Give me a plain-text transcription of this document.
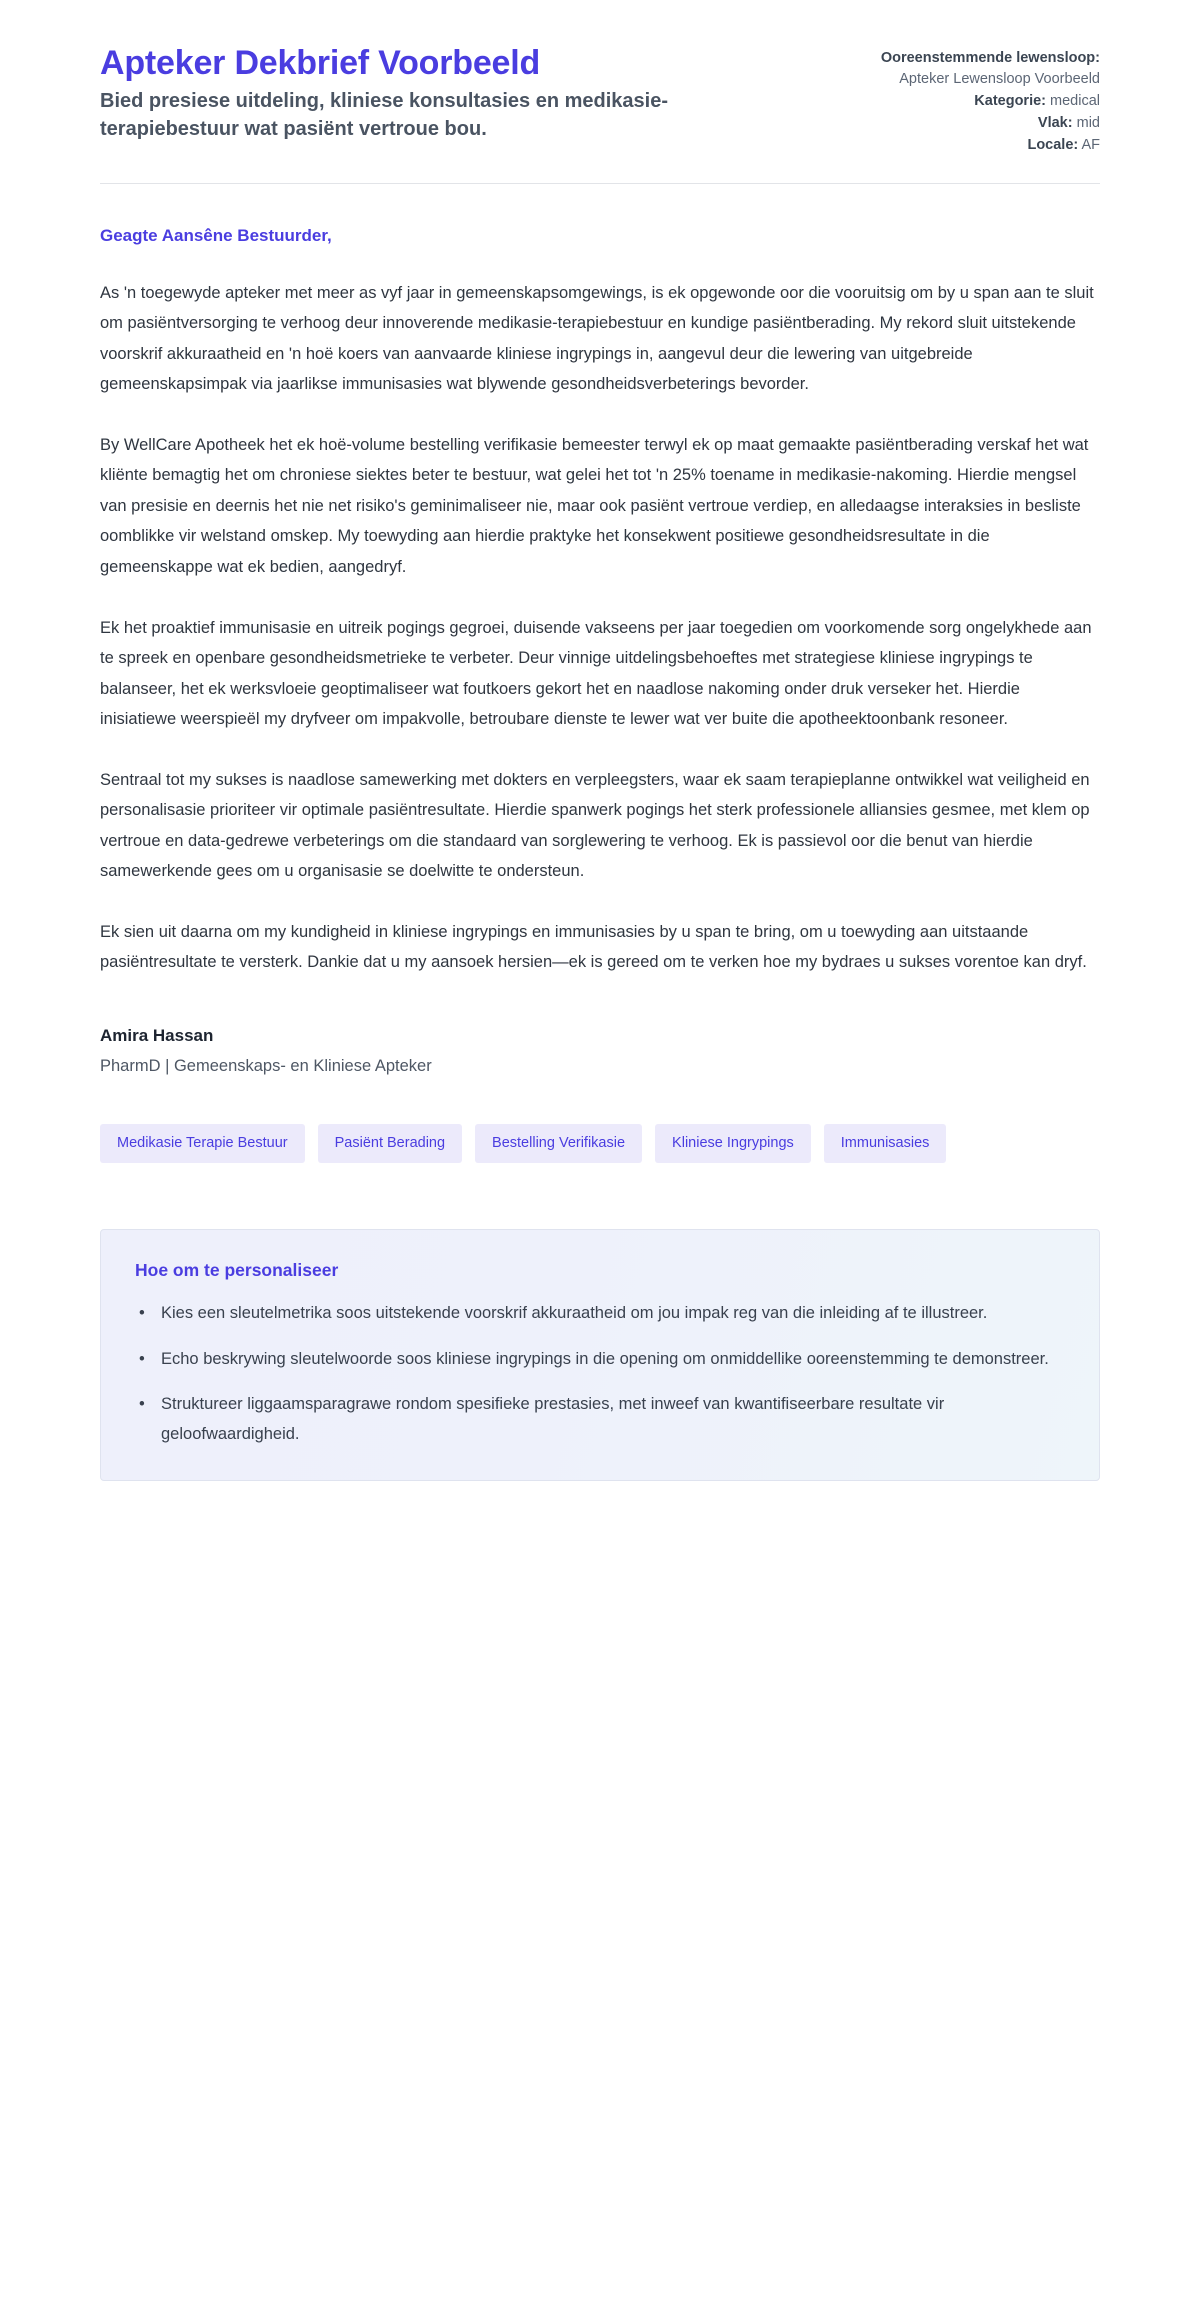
Apteker Dekbrief Voorbeeld

Bied presiese uitdeling, kliniese konsultasies en medikasie-terapiebestuur wat pasiënt vertroue bou.

Ooreenstemmende lewensloop: Apteker Lewensloop Voorbeeld
Kategorie: medical
Vlak: mid
Locale: AF

Geagte Aansêne Bestuurder,

As 'n toegewyde apteker met meer as vyf jaar in gemeenskapsomgewings, is ek opgewonde oor die vooruitsig om by u span aan te sluit om pasiëntversorging te verhoog deur innoverende medikasie-terapiebestuur en kundige pasiëntberading. My rekord sluit uitstekende voorskrif akkuraatheid en 'n hoë koers van aanvaarde kliniese ingrypings in, aangevul deur die lewering van uitgebreide gemeenskapsimpak via jaarlikse immunisasies wat blywende gesondheidsverbeterings bevorder.

By WellCare Apotheek het ek hoë-volume bestelling verifikasie bemeester terwyl ek op maat gemaakte pasiëntberading verskaf het wat kliënte bemagtig het om chroniese siektes beter te bestuur, wat gelei het tot 'n 25% toename in medikasie-nakoming. Hierdie mengsel van presisie en deernis het nie net risiko's geminimaliseer nie, maar ook pasiënt vertroue verdiep, en alledaagse interaksies in besliste oomblikke vir welstand omskep. My toewyding aan hierdie praktyke het konsekwent positiewe gesondheidsresultate in die gemeenskappe wat ek bedien, aangedryf.

Ek het proaktief immunisasie en uitreik pogings gegroei, duisende vakseens per jaar toegedien om voorkomende sorg ongelykhede aan te spreek en openbare gesondheidsmetrieke te verbeter. Deur vinnige uitdelingsbehoeftes met strategiese kliniese ingrypings te balanseer, het ek werksvloeie geoptimaliseer wat foutkoers gekort het en naadlose nakoming onder druk verseker het. Hierdie inisiatiewe weerspieël my dryfveer om impakvolle, betroubare dienste te lewer wat ver buite die apotheektoonbank resoneer.

Sentraal tot my sukses is naadlose samewerking met dokters en verpleegsters, waar ek saam terapieplanne ontwikkel wat veiligheid en personalisasie prioriteer vir optimale pasiëntresultate. Hierdie spanwerk pogings het sterk professionele alliansies gesmee, met klem op vertroue en data-gedrewe verbeterings om die standaard van sorglewering te verhoog. Ek is passievol oor die benut van hierdie samewerkende gees om u organisasie se doelwitte te ondersteun.

Ek sien uit daarna om my kundigheid in kliniese ingrypings en immunisasies by u span te bring, om u toewyding aan uitstaande pasiëntresultate te versterk. Dankie dat u my aansoek hersien—ek is gereed om te verken hoe my bydraes u sukses vorentoe kan dryf.

Amira Hassan

PharmD | Gemeenskaps- en Kliniese Apteker

Medikasie Terapie Bestuur	Pasiënt Berading	Bestelling Verifikasie	Kliniese Ingrypings	Immunisasies

Hoe om te personaliseer

• Kies een sleutelmetrika soos uitstekende voorskrif akkuraatheid om jou impak reg van die inleiding af te illustreer.
• Echo beskrywing sleutelwoorde soos kliniese ingrypings in die opening om onmiddellike ooreenstemming te demonstreer.
• Struktureer liggaamsparagrawe rondom spesifieke prestasies, met inweef van kwantifiseerbare resultate vir geloofwaardigheid.
